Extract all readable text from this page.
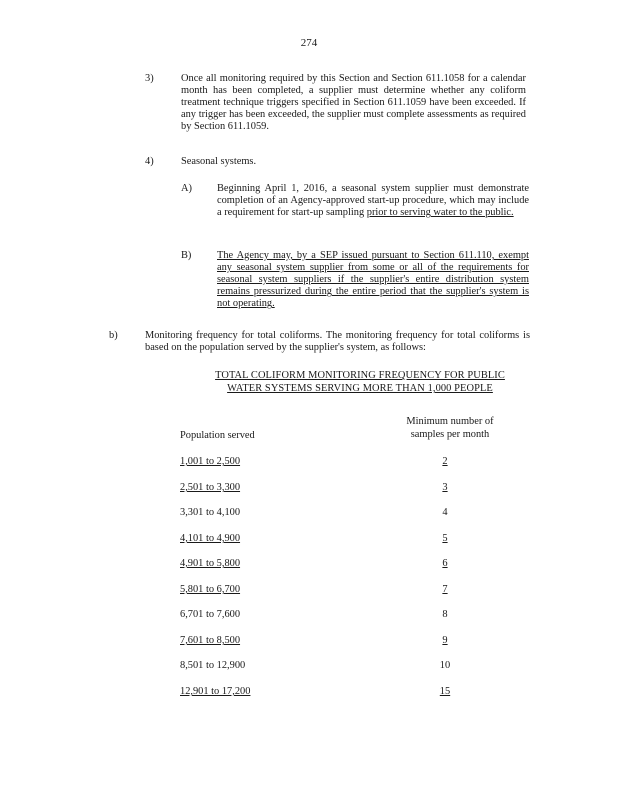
274
3)	Once all monitoring required by this Section and Section 611.1058 for a calendar month has been completed, a supplier must determine whether any coliform treatment technique triggers specified in Section 611.1059 have been exceeded. If any trigger has been exceeded, the supplier must complete assessments as required by Section 611.1059.
4)	Seasonal systems.
A)	Beginning April 1, 2016, a seasonal system supplier must demonstrate completion of an Agency-approved start-up procedure, which may include a requirement for start-up sampling prior to serving water to the public.
B)	The Agency may, by a SEP issued pursuant to Section 611.110, exempt any seasonal system supplier from some or all of the requirements for seasonal system suppliers if the supplier's entire distribution system remains pressurized during the entire period that the supplier's system is not operating.
b)	Monitoring frequency for total coliforms. The monitoring frequency for total coliforms is based on the population served by the supplier's system, as follows:
TOTAL COLIFORM MONITORING FREQUENCY FOR PUBLIC
WATER SYSTEMS SERVING MORE THAN 1,000 PEOPLE
Population served
Minimum number of
samples per month
1,001 to 2,500	2
2,501 to 3,300	3
3,301 to 4,100	4
4,101 to 4,900	5
4,901 to 5,800	6
5,801 to 6,700	7
6,701 to 7,600	8
7,601 to 8,500	9
8,501 to 12,900	10
12,901 to 17,200	15
